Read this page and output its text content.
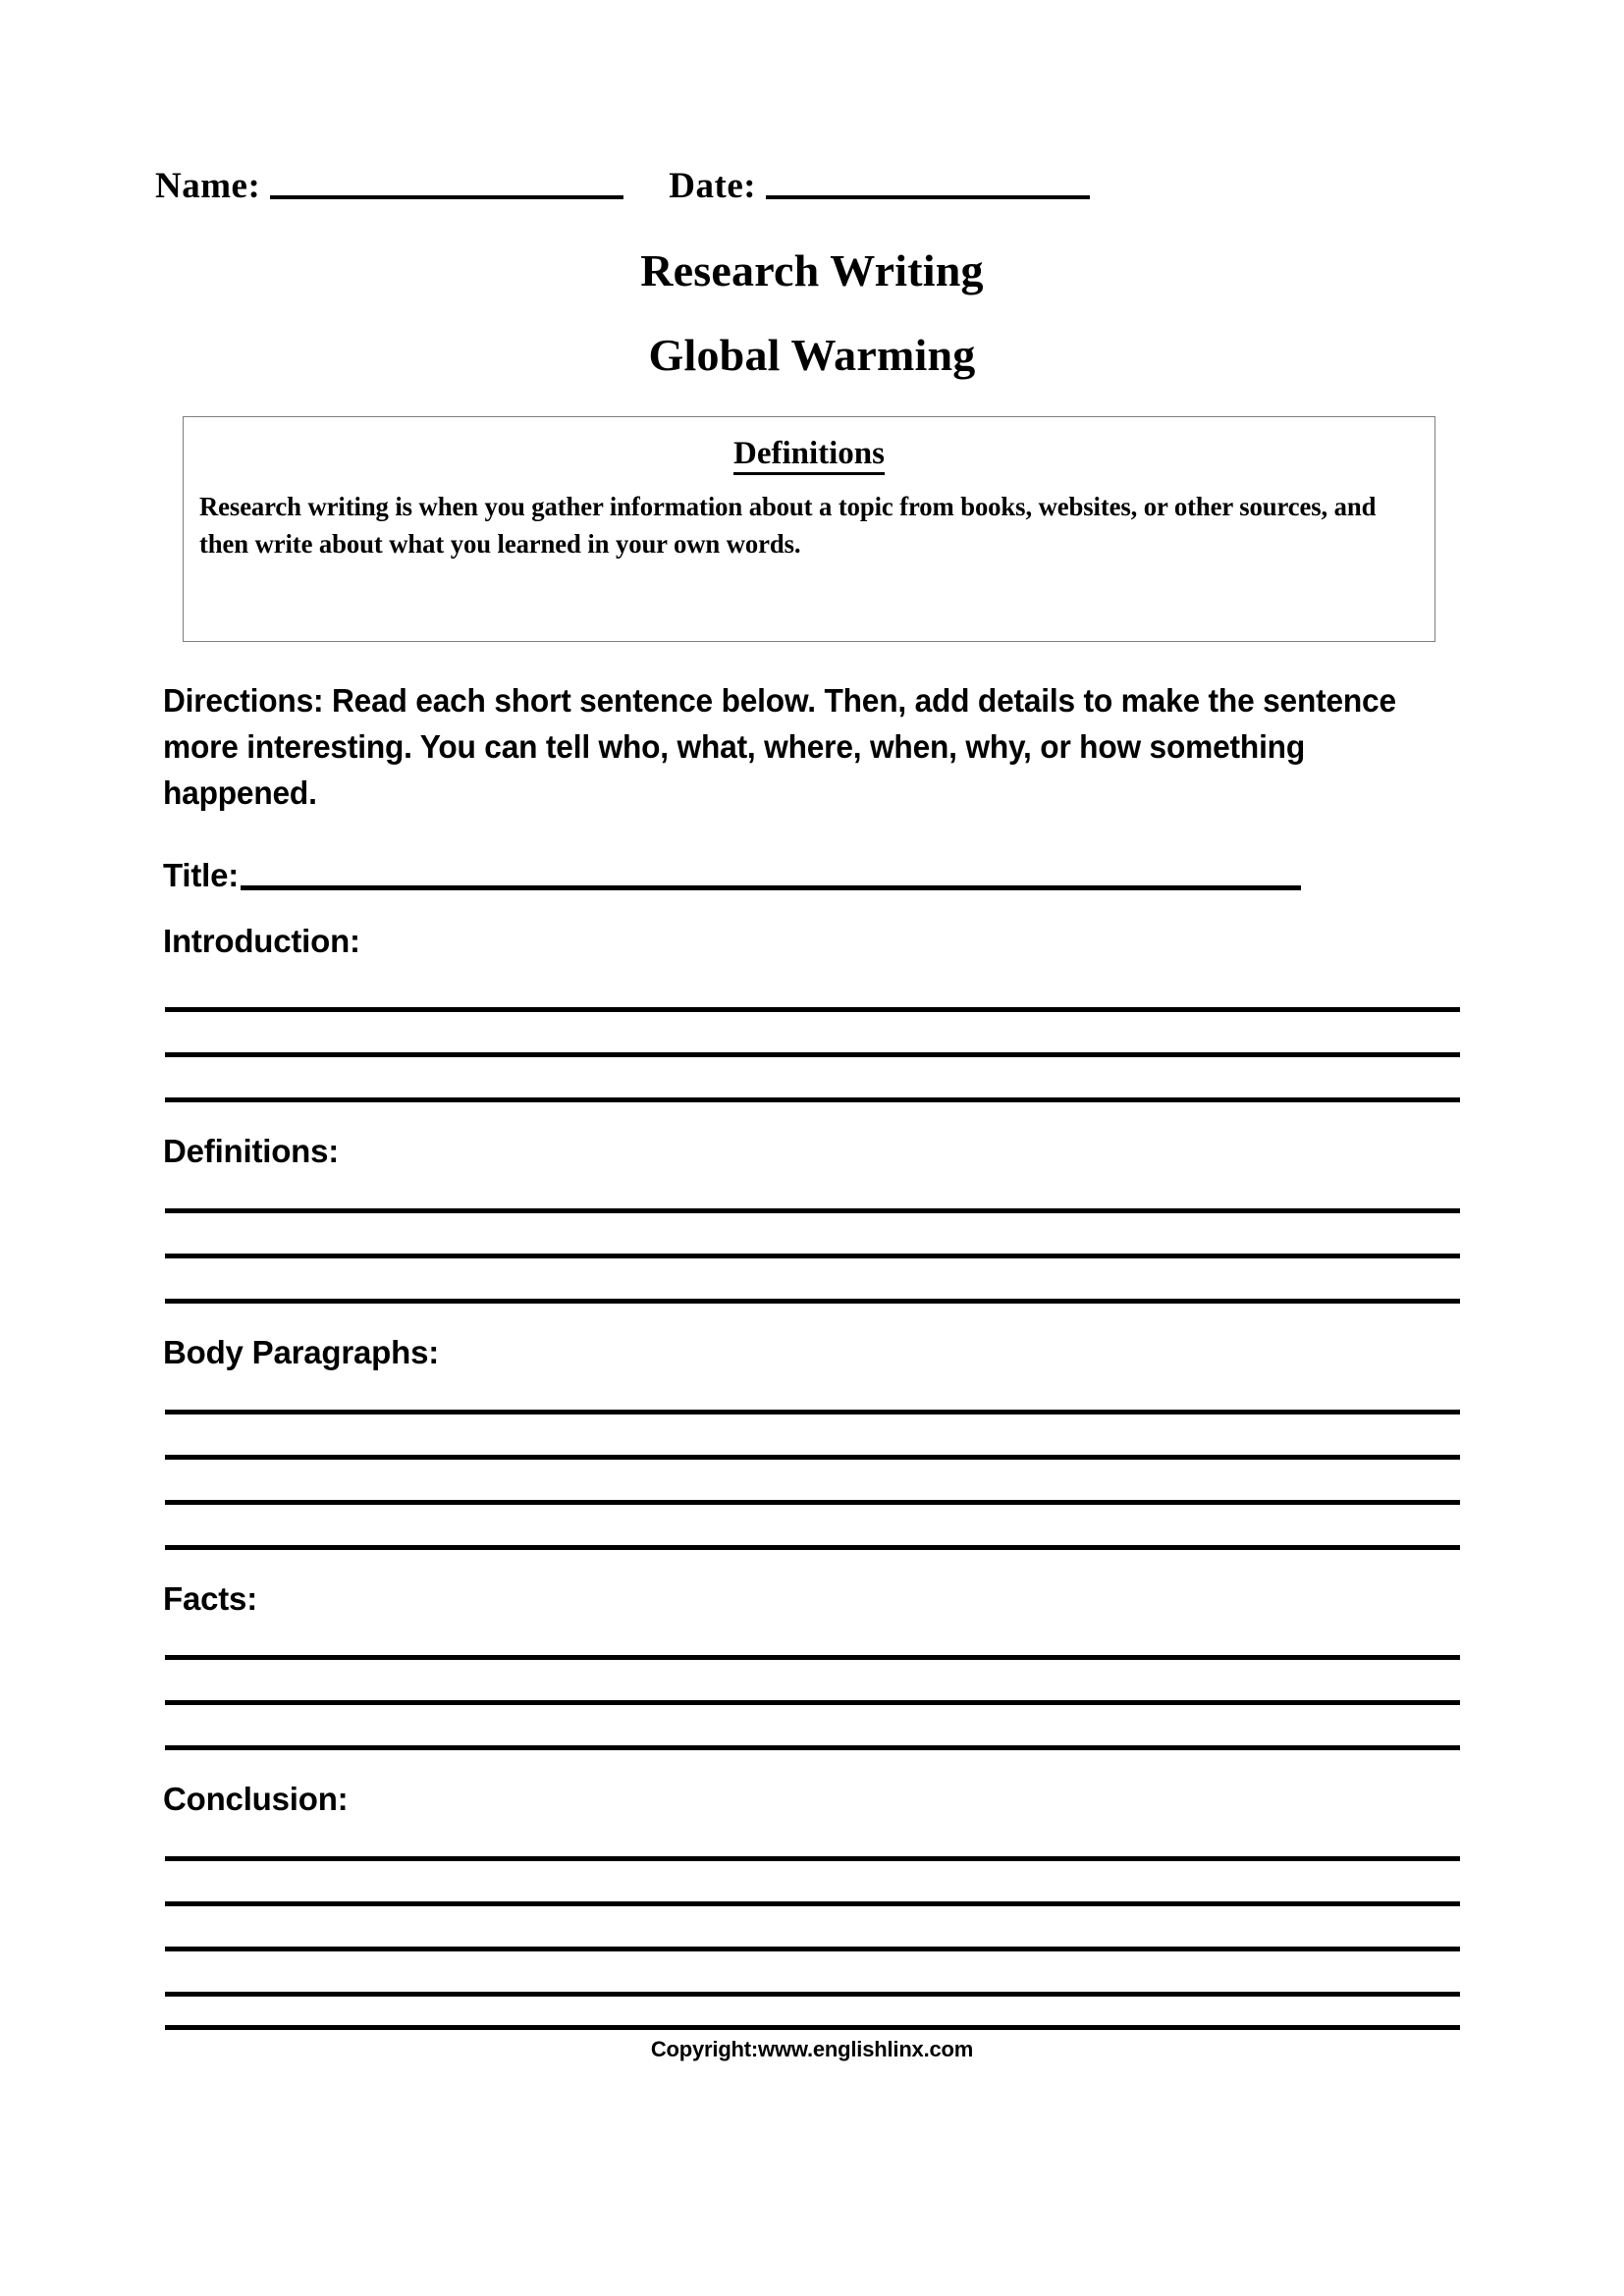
Name:	Date:
Research Writing
Global Warming
Definitions
Research writing is when you gather information about a topic from books, websites, or other sources, and then write about what you learned in your own words.
Directions: Read each short sentence below. Then, add details to make the sentence more interesting. You can tell who, what, where, when, why, or how something happened.
Title:
Introduction:
Definitions:
Body Paragraphs:
Facts:
Conclusion:
Copyright:www.englishlinx.com
